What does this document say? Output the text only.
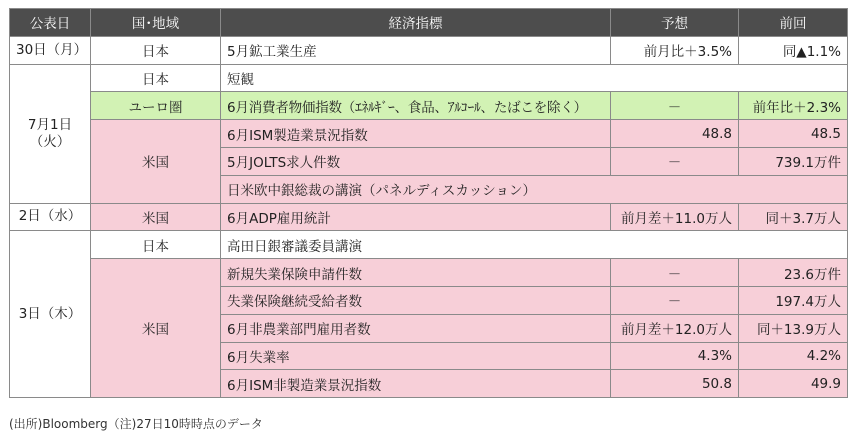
公表日	国･地域	経済指標	予想	前回
30日（月）	日本	5月鉱工業生産	前月比＋3.5%	同▲1.1%
7月1日（火）	日本	短観		
	ユーロ圏	6月消費者物価指数（ｴﾈﾙｷﾞｰ、食品、ｱﾙｺｰﾙ、たばこを除く）	－	前年比＋2.3%
	米国	6月ISM製造業景況指数	48.8	48.5
		5月JOLTS求人件数	－	739.1万件
		日米欧中銀総裁の講演（パネルディスカッション）		
2日（水）	米国	6月ADP雇用統計	前月差＋11.0万人	同＋3.7万人
3日（木）	日本	高田日銀審議委員講演		
	米国	新規失業保険申請件数	－	23.6万件
		失業保険継続受給者数	－	197.4万人
		6月非農業部門雇用者数	前月差＋12.0万人	同＋13.9万人
		6月失業率	4.3%	4.2%
		6月ISM非製造業景況指数	50.8	49.9
(出所)Bloomberg（注)27日10時時点のデータ
